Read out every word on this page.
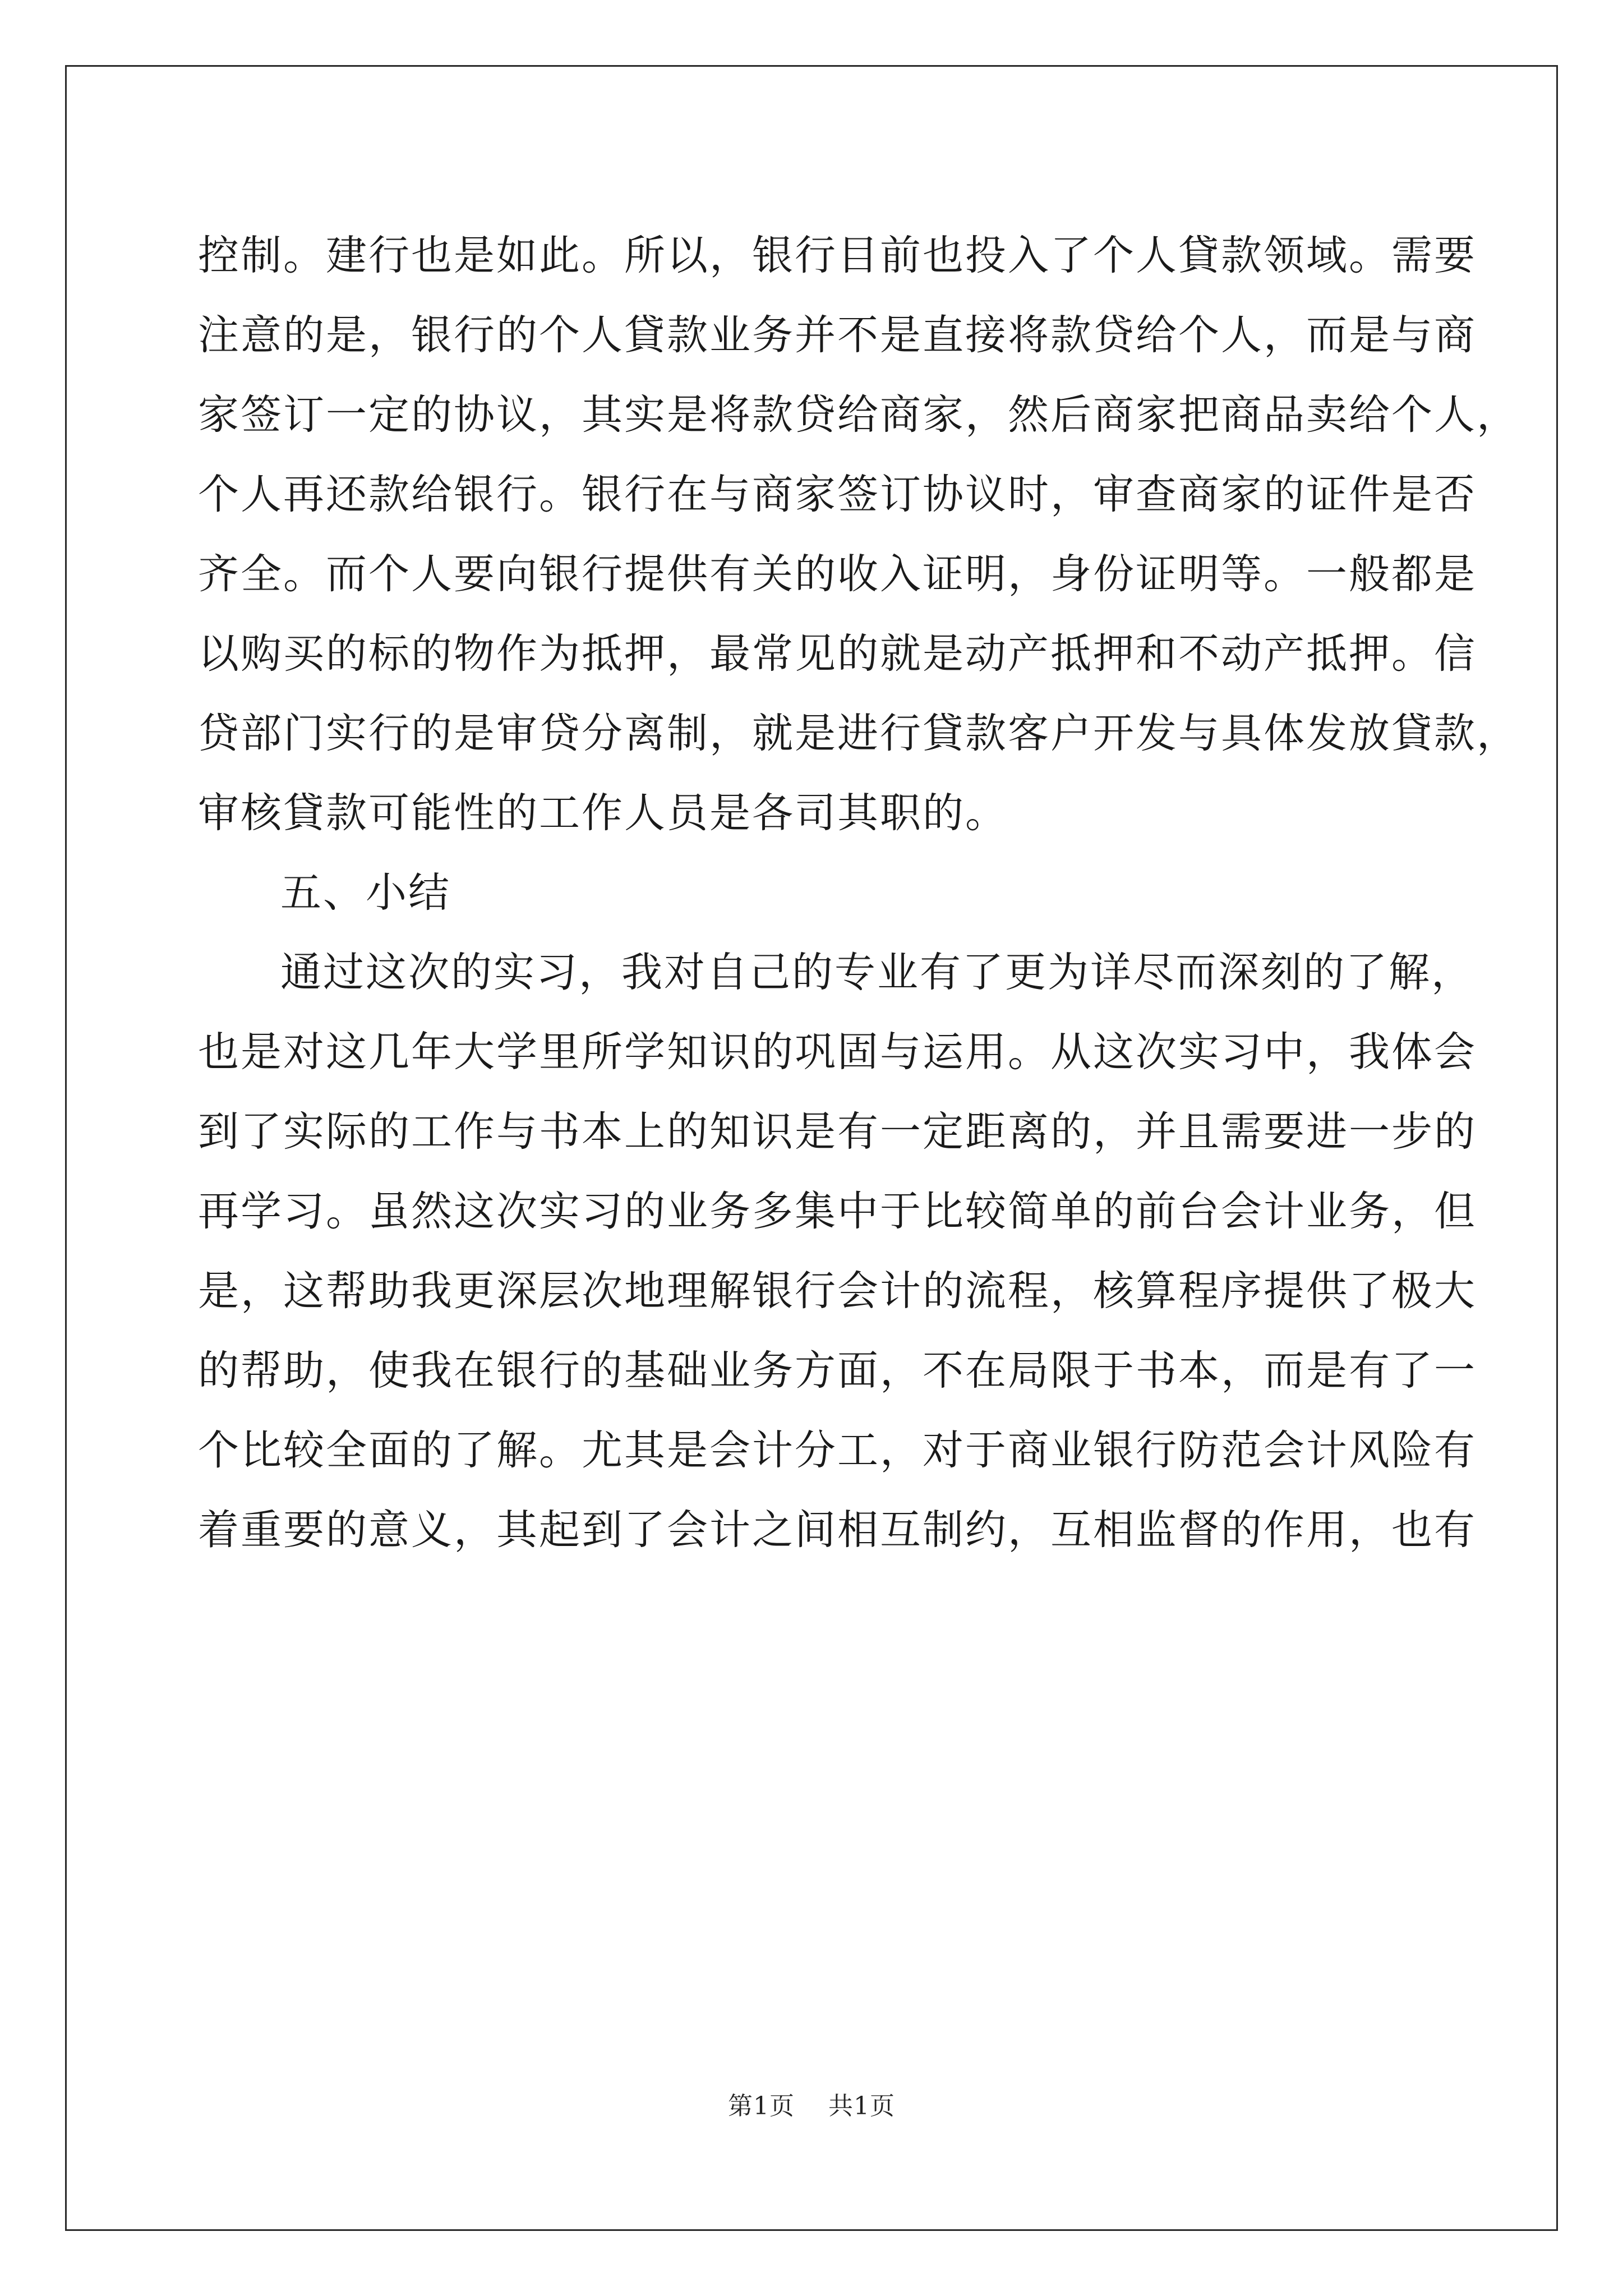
控制。建行也是如此。所以，银行目前也投入了个人貸款领域。需要
注意的是，银行的个人貸款业务并不是直接将款贷给个人，而是与商
家签订一定的协议，其实是将款贷给商家，然后商家把商品卖给个人，
个人再还款给银行。银行在与商家签订协议时，审查商家的证件是否
齐全。而个人要向银行提供有关的收入证明，身份证明等。一般都是
以购买的标的物作为抵押，最常见的就是动产抵押和不动产抵押。信
贷部门实行的是审贷分离制，就是进行貸款客户开发与具体发放貸款，
审核貸款可能性的工作人员是各司其职的。
五、小结
通过这次的实习，我对自己的专业有了更为详尽而深刻的了解，
也是对这几年大学里所学知识的巩固与运用。从这次实习中，我体会
到了实际的工作与书本上的知识是有一定距离的，并且需要进一步的
再学习。虽然这次实习的业务多集中于比较简单的前台会计业务，但
是，这帮助我更深层次地理解银行会计的流程，核算程序提供了极大
的帮助，使我在银行的基础业务方面，不在局限于书本，而是有了一
个比较全面的了解。尤其是会计分工，对于商业银行防范会计风险有
着重要的意义，其起到了会计之间相互制约，互相监督的作用，也有
第1页 共1页
